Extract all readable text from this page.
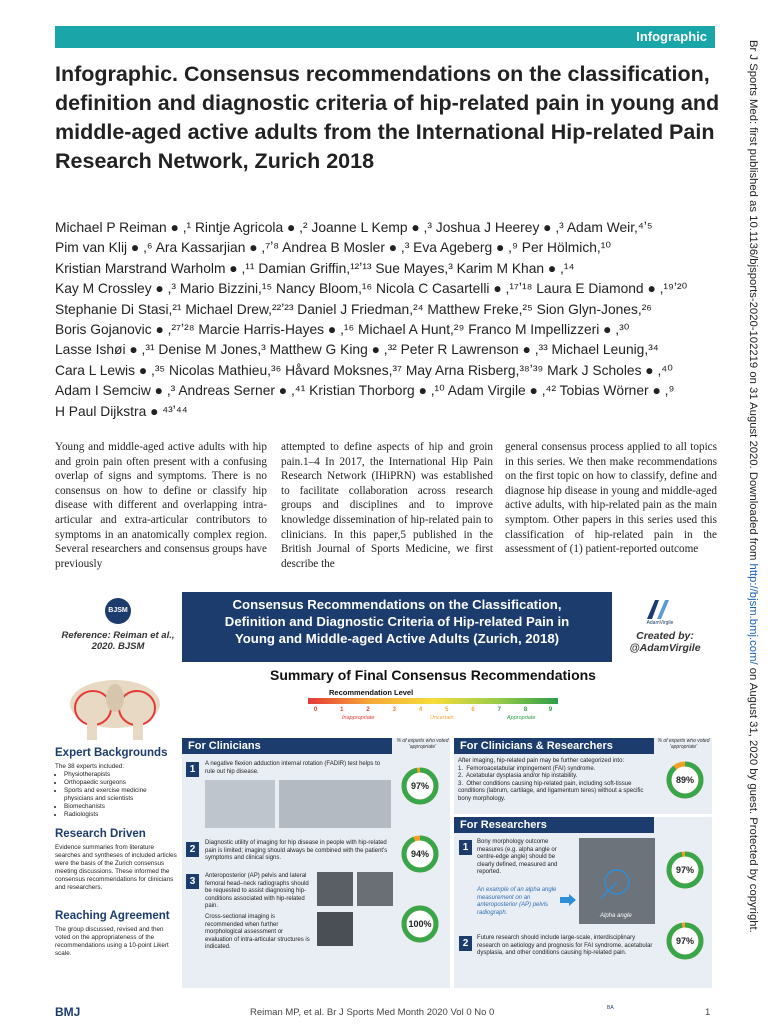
Infographic
Infographic. Consensus recommendations on the classification, definition and diagnostic criteria of hip-related pain in young and middle-aged active adults from the International Hip-related Pain Research Network, Zurich 2018

Michael P Reiman ● ,¹ Rintje Agricola ● ,² Joanne L Kemp ● ,³ Joshua J Heerey ● ,³ Adam Weir,⁴ʼ⁵

Pim van Klij ● ,⁶ Ara Kassarjian ● ,⁷ʼ⁸ Andrea B Mosler ● ,³ Eva Ageberg ● ,⁹ Per Hölmich,¹⁰

Kristian Marstrand Warholm ● ,¹¹ Damian Griffin,¹²ʼ¹³ Sue Mayes,³ Karim M Khan ● ,¹⁴

Kay M Crossley ● ,³ Mario Bizzini,¹⁵ Nancy Bloom,¹⁶ Nicola C Casartelli ● ,¹⁷ʼ¹⁸ Laura E Diamond ● ,¹⁹ʼ²⁰

Stephanie Di Stasi,²¹ Michael Drew,²²ʼ²³ Daniel J Friedman,²⁴ Matthew Freke,²⁵ Sion Glyn-Jones,²⁶

Boris Gojanovic ● ,²⁷ʼ²⁸ Marcie Harris-Hayes ● ,¹⁶ Michael A Hunt,²⁹ Franco M Impellizzeri ● ,³⁰

Lasse Ishøi ● ,³¹ Denise M Jones,³ Matthew G King ● ,³² Peter R Lawrenson ● ,³³ Michael Leunig,³⁴

Cara L Lewis ● ,³⁵ Nicolas Mathieu,³⁶ Håvard Moksnes,³⁷ May Arna Risberg,³⁸ʼ³⁹ Mark J Scholes ● ,⁴⁰

Adam I Semciw ● ,³ Andreas Serner ● ,⁴¹ Kristian Thorborg ● ,¹⁰ Adam Virgile ● ,⁴² Tobias Wörner ● ,⁹

H Paul Dijkstra ● ⁴³ʼ⁴⁴

Young and middle-aged active adults with hip and groin pain often present with a confusing overlap of signs and symptoms. There is no consensus on how to define or classify hip disease with different and overlapping intra-articular and extra-articular contributors to symptoms in an anatomically complex region. Several researchers and consensus groups have previously
attempted to define aspects of hip and groin pain.1–4 In 2017, the International Hip Pain Research Network (IHiPRN) was established to facilitate collaboration across research groups and disciplines and to improve knowledge dissemination of hip-related pain to clinicians. In this paper,5 published in the British Journal of Sports Medicine, we first describe the
general consensus process applied to all topics in this series. We then make recommendations on the first topic on how to classify, define and diagnose hip disease in young and middle-aged active adults, with hip-related pain as the main symptom. Other papers in this series used this classification of hip-related pain in the assessment of (1) patient-reported outcome	Br J Sports Med: first published as 10.1136/bjsports-2020-102219 on 31 August 2020. Downloaded from http://bjsm.bmj.com/ on August 31, 2020 by guest. Protected by copyright.
BJSM
Reference: Reiman et al., 2020. BJSM
Consensus Recommendations on the Classification,
Definition and Diagnostic Criteria of Hip-related Pain in
Young and Middle-aged Active Adults (Zurich, 2018)
AdamVirgile
Created by: @AdamVirgile
Summary of Final Consensus Recommendations
Recommendation Level
0	1	2	3	4	5	6	7	8	9
Inappropriate	Uncertain	Appropriate
Expert Backgrounds
The 38 experts included:
• Physiotherapists
• Orthopaedic surgeons
• Sports and exercise medicine physicians and scientists
• Biomechanists
• Radiologists
Research Driven
Evidence summaries from literature searches and syntheses of included articles were the basis of the Zurich consensus meeting discussions. These informed the consensus recommendations for clinicians and researchers.
Reaching Agreement
The group discussed, revised and then voted on the appropriateness of the recommendations using a 10-point Likert scale.
For Clinicians	% of experts who voted 'appropriate'
1	A negative flexion adduction internal rotation (FADIR) test helps to rule out hip disease.
97%
2
Diagnostic utility of imaging for hip disease in people with hip-related pain is limited; imaging should always be combined with the patient's symptoms and clinical signs.	94%
3	Anteroposterior (AP) pelvis and lateral femoral head–neck radiographs should be requested to assist diagnosing hip-conditions associated with hip-related pain.
Cross-sectional imaging is recommended when further morphological assessment or evaluation of intra-articular structures is indicated.
100%
For Clinicians & Researchers	% of experts who voted 'appropriate'
After imaging, hip-related pain may be further categorized into:
1.  Femoroacetabular impingement (FAI) syndrome.
2.  Acetabular dysplasia and/or hip instability.
3.  Other conditions causing hip-related pain, including soft-tissue conditions (labrum, cartilage, and ligamentum teres) without a specific bony morphology.
89%
For Researchers
1	Bony morphology outcome measures (e.g. alpha angle or centre-edge angle) should be clearly defined, measured and reported.
An example of an alpha angle measurement on an anteroposterior (AP) pelvis radiograph.
Alpha angle
97%
2	Future research should include large-scale, interdisciplinary research on aetiology and prognosis for FAI syndrome, acetabular dysplasia, and other conditions causing hip-related pain.
97%
BMJ	Reiman MP, et al. Br J Sports Med Month 2020 Vol 0 No 0	BA	1
